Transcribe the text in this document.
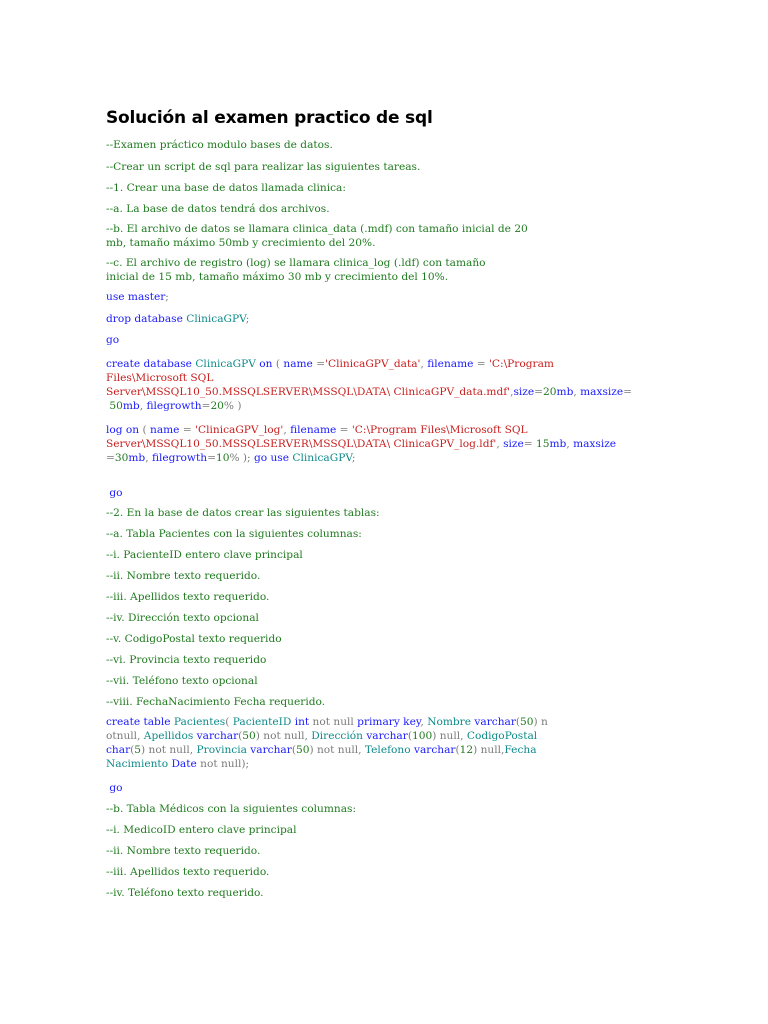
Solución al examen practico de sql
--Examen práctico modulo bases de datos.
--Crear un script de sql para realizar las siguientes tareas.
--1. Crear una base de datos llamada clinica:
--a. La base de datos tendrá dos archivos.
--b. El archivo de datos se llamara clinica_data (.mdf) con tamaño inicial de 20
mb, tamaño máximo 50mb y crecimiento del 20%.
--c. El archivo de registro (log) se llamara clinica_log (.ldf) con tamaño
inicial de 15 mb, tamaño máximo 30 mb y crecimiento del 10%.
use master;
drop database ClinicaGPV;
go
create database ClinicaGPV on ( name ='ClinicaGPV_data', filename = 'C:\Program
Files\Microsoft SQL
Server\MSSQL10_50.MSSQLSERVER\MSSQL\DATA\ ClinicaGPV_data.mdf',size=20mb, maxsize=
50mb, filegrowth=20% )
log on ( name = 'ClinicaGPV_log', filename = 'C:\Program Files\Microsoft SQL
Server\MSSQL10_50.MSSQLSERVER\MSSQL\DATA\ ClinicaGPV_log.ldf', size= 15mb, maxsize
=30mb, filegrowth=10% ); go use ClinicaGPV;
go
--2. En la base de datos crear las siguientes tablas:
--a. Tabla Pacientes con la siguientes columnas:
--i. PacienteID entero clave principal
--ii. Nombre texto requerido.
--iii. Apellidos texto requerido.
--iv. Dirección texto opcional
--v. CodigoPostal texto requerido
--vi. Provincia texto requerido
--vii. Teléfono texto opcional
--viii. FechaNacimiento Fecha requerido.
create table Pacientes( PacienteID int not null primary key, Nombre varchar(50) n
otnull, Apellidos varchar(50) not null, Dirección varchar(100) null, CodigoPostal
char(5) not null, Provincia varchar(50) not null, Telefono varchar(12) null,Fecha
Nacimiento Date not null);
go
--b. Tabla Médicos con la siguientes columnas:
--i. MedicoID entero clave principal
--ii. Nombre texto requerido.
--iii. Apellidos texto requerido.
--iv. Teléfono texto requerido.
